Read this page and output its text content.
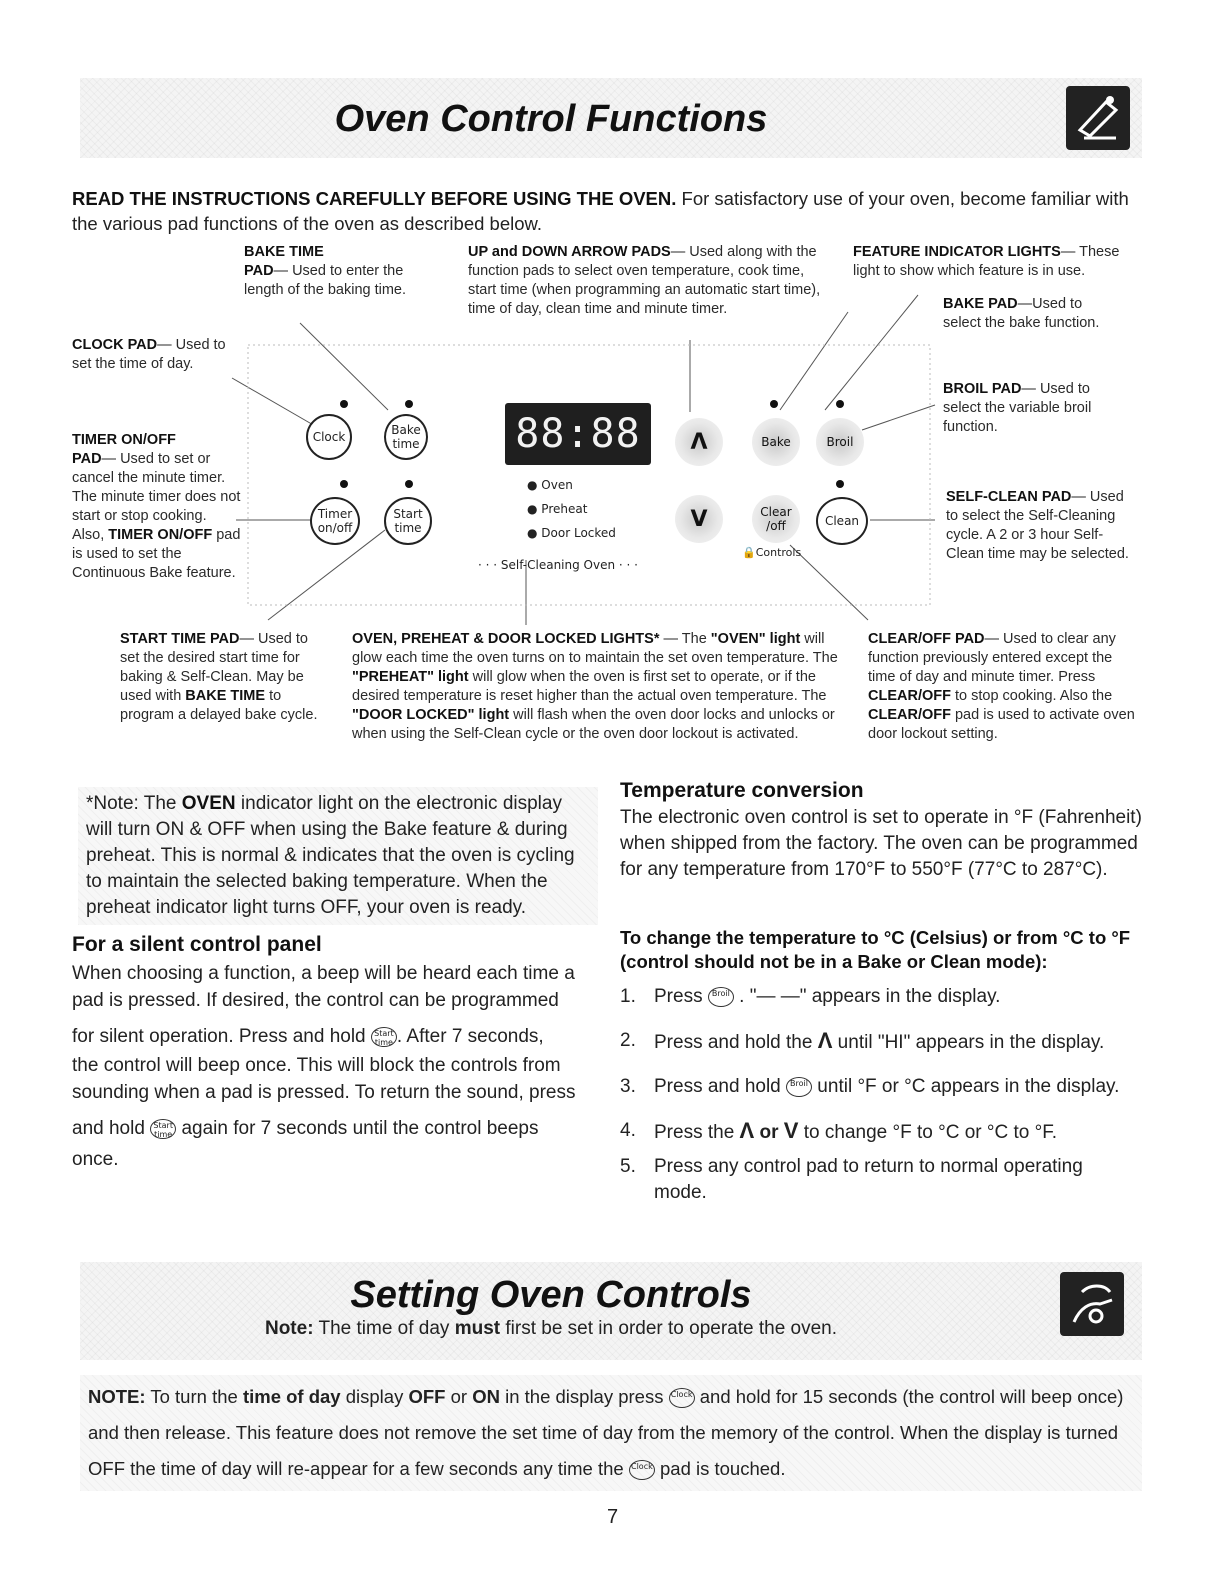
Oven Control Functions
READ THE INSTRUCTIONS CAREFULLY BEFORE USING THE OVEN. For satisfactory use of your oven, become familiar with the various pad functions of the oven as described below.
BAKE TIME
PAD— Used to enter the length of the baking time.
CLOCK PAD— Used to set the time of day.
TIMER ON/OFF
PAD— Used to set or cancel the minute timer. The minute timer does not start or stop cooking. Also, TIMER ON/OFF pad is used to set the Continuous Bake feature.
UP and DOWN ARROW PADS— Used along with the function pads to select oven temperature, cook time, start time (when programming an automatic start time), time of day, clean time and minute timer.
FEATURE INDICATOR LIGHTS— These light to show which feature is in use.
BAKE PAD—Used to select the bake function.
BROIL PAD— Used to select the variable broil function.
SELF-CLEAN PAD— Used to select the Self-Cleaning cycle. A 2 or 3 hour Self-Clean time may be selected.
START TIME PAD— Used to set the desired start time for baking & Self-Clean. May be used with BAKE TIME to program a delayed bake cycle.
OVEN, PREHEAT & DOOR LOCKED LIGHTS* — The "OVEN" light will glow each time the oven turns on to maintain the set oven temperature. The "PREHEAT" light will glow when the oven is first set to operate, or if the desired temperature is reset higher than the actual oven temperature. The "DOOR LOCKED" light will flash when the oven door locks and unlocks or when using the Self-Clean cycle or the oven door lockout is activated.
CLEAR/OFF PAD— Used to clear any function previously entered except the time of day and minute timer. Press CLEAR/OFF to stop cooking. Also the CLEAR/OFF pad is used to activate oven door lockout setting.
Clock	Bake time
Timer on/off
Start time
88:88
● Oven
● Preheat
● Door Locked
· · · Self-Cleaning Oven · · ·
Λ
V
Bake	Broil
Clear /off	Clean
🔒Controls
*Note: The OVEN indicator light on the electronic display will turn ON & OFF when using the Bake feature & during preheat. This is normal & indicates that the oven is cycling to maintain the selected baking temperature. When the preheat indicator light turns OFF, your oven is ready.
For a silent control panel
When choosing a function, a beep will be heard each time a pad is pressed. If desired, the control can be programmed
for silent operation. Press and hold Start time . After 7 seconds,
the control will beep once. This will block the controls from sounding when a pad is pressed. To return the sound, press
and hold Start time again for 7 seconds until the control beeps
once.
Temperature conversion
The electronic oven control is set to operate in °F (Fahrenheit) when shipped from the factory. The oven can be programmed for any temperature from 170°F to 550°F (77°C to 287°C).
To change the temperature to °C (Celsius) or from °C to °F (control should not be in a Bake or Clean mode):
1. Press Broil . "— —" appears in the display.
2. Press and hold the Λ until "HI" appears in the display.
3. Press and hold Broil until °F or °C appears in the display.
4. Press the Λ or V to change °F to °C or °C to °F.
5. Press any control pad to return to normal operating mode.
Setting Oven Controls
Note: The time of day must first be set in order to operate the oven.
NOTE: To turn the time of day display OFF or ON in the display press Clock and hold for 15 seconds (the control will beep once) and then release. This feature does not remove the set time of day from the memory of the control. When the display is turned OFF the time of day will re-appear for a few seconds any time the Clock pad is touched.
7
